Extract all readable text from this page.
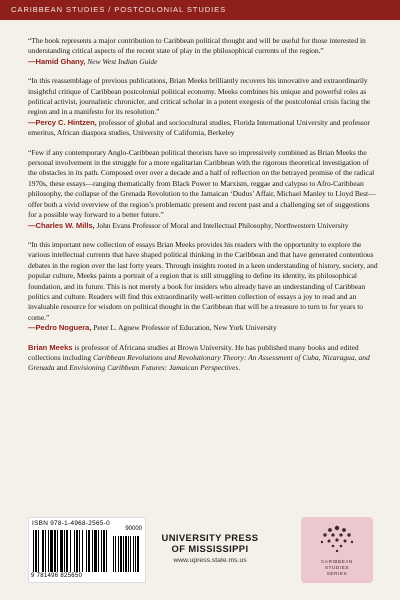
CARIBBEAN STUDIES / POSTCOLONIAL STUDIES

“The book represents a major contribution to Caribbean political thought and will be useful for those interested in understanding critical aspects of the recent state of play in the philosophical currents of the region.”

—Hamid Ghany, New West Indian Guide

“In this reassemblage of previous publications, Brian Meeks brilliantly recovers his innovative and extraordinarily insightful critique of Caribbean postcolonial political economy. Meeks combines his unique and powerful roles as political activist, journalistic chronicler, and critical scholar in a potent exegesis of the postcolonial crisis facing the region and in a manifesto for its resolution.”

—Percy C. Hintzen, professor of global and sociocultural studies, Florida International University and professor emeritus, African diaspora studies, University of California, Berkeley

“Few if any contemporary Anglo-Caribbean political theorists have so impressively combined as Brian Meeks the personal involvement in the struggle for a more egalitarian Caribbean with the rigorous theoretical investigation of the obstacles in its path. Composed over over a decade and a half of reflection on the betrayed promise of the radical 1970s, these essays—ranging thematically from Black Power to Marxism, reggae and calypso to Afro-Caribbean philosophy, the collapse of the Grenada Revolution to the Jamaican ‘Dudus’ Affair, Michael Manley to Lloyd Best—offer both a vivid overview of the region’s problematic present and recent past and a challenging set of suggestions for a possible way forward to a better future.”

—Charles W. Mills, John Evans Professor of Moral and Intellectual Philosophy, Northwestern University

“In this important new collection of essays Brian Meeks provides his readers with the opportunity to explore the various intellectual currents that have shaped political thinking in the Caribbean and that have generated contentious debates in the region over the last forty years. Through insights rooted in a keen understanding of history, society, and popular culture, Meeks paints a portrait of a region that is still struggling to define its identity, its philosophical foundation, and its future. This is not merely a book for insiders who already have an understanding of Caribbean politics and culture. Readers will find this extraordinarily well-written collection of essays a joy to read and an invaluable resource for wisdom on political thought in the Caribbean that will be a treasure to turn to for years to come.”

—Pedro Noguera, Peter L. Agnew Professor of Education, New York University

Brian Meeks is professor of Africana studies at Brown University. He has published many books and edited collections including Caribbean Revolutions and Revolutionary Theory: An Assessment of Cuba, Nicaragua, and Grenada and Envisioning Caribbean Futures: Jamaican Perspectives.

ISBN 978-1-4968-2565-0
90000
9 781496 825650
UNIVERSITY PRESS
OF MISSISSIPPI
www.upress.state.ms.us	CARIBBEAN
STUDIES
SERIES
